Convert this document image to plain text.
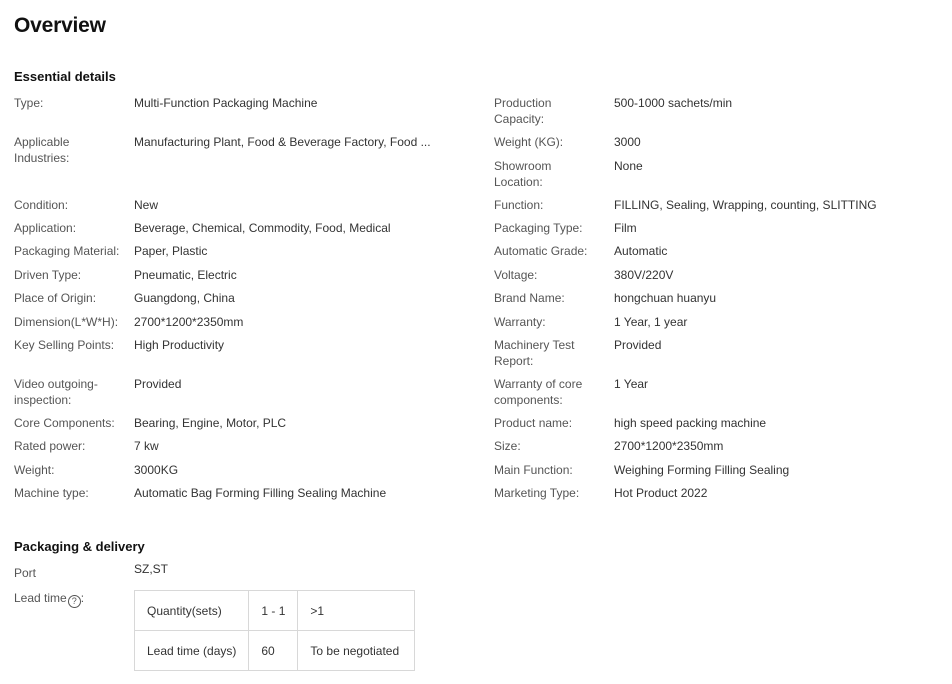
Overview
Essential details
Type:	Multi-Function Packaging Machine
Applicable Industries:
Manufacturing Plant, Food & Beverage Factory, Food ...
Condition:	New
Application:	Beverage, Chemical, Commodity, Food, Medical
Packaging Material:	Paper, Plastic
Driven Type:	Pneumatic, Electric
Place of Origin:	Guangdong, China
Dimension(L*W*H):	2700*1200*2350mm
Key Selling Points:	High Productivity
Video outgoing-inspection:
Provided
Core Components:	Bearing, Engine, Motor, PLC
Rated power:	7 kw
Weight:	3000KG
Machine type:	Automatic Bag Forming Filling Sealing Machine
Production Capacity:
500-1000 sachets/min
Weight (KG):	3000
Showroom Location:
None
Function:	FILLING, Sealing, Wrapping, counting, SLITTING
Packaging Type:	Film
Automatic Grade:	Automatic
Voltage:	380V/220V
Brand Name:	hongchuan huanyu
Warranty:	1 Year, 1 year
Machinery Test Report:
Provided
Warranty of core components:
1 Year
Product name:	high speed packing machine
Size:	2700*1200*2350mm
Main Function:	Weighing Forming Filling Sealing
Marketing Type:	Hot Product 2022
Packaging & delivery
Port	SZ,ST
Lead time ? :
Quantity(sets)	1 - 1	>1
Lead time (days)	60	To be negotiated
